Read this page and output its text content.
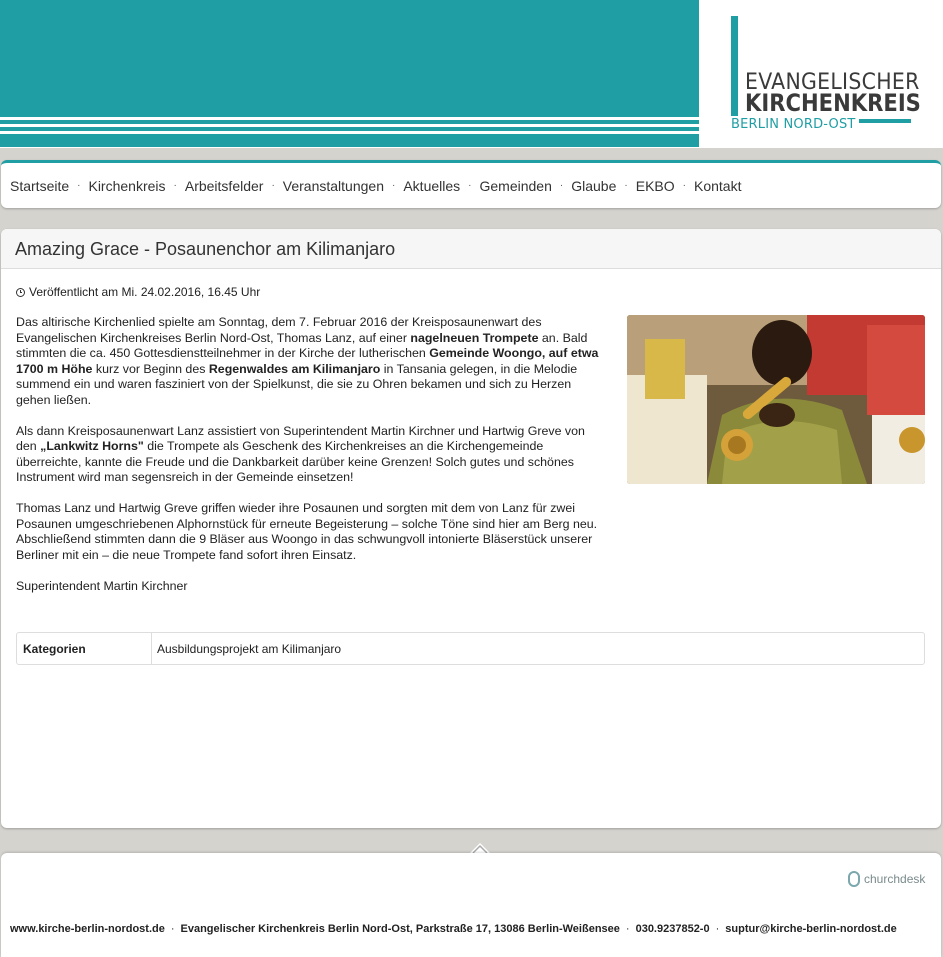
EVANGELISCHER
KIRCHENKREIS
BERLIN NORD-OST
Startseite · Kirchenkreis · Arbeitsfelder · Veranstaltungen · Aktuelles · Gemeinden · Glaube · EKBO · Kontakt
Amazing Grace - Posaunenchor am Kilimanjaro
Veröffentlicht am Mi. 24.02.2016, 16.45 Uhr

Das altirische Kirchenlied spielte am Sonntag, dem 7. Februar 2016 der Kreisposaunenwart des Evangelischen Kirchenkreises Berlin Nord-Ost, Thomas Lanz, auf einer nagelneuen Trompete an. Bald stimmten die ca. 450 Gottesdienstteilnehmer in der Kirche der lutherischen Gemeinde Woongo, auf etwa 1700 m Höhe kurz vor Beginn des Regenwaldes am Kilimanjaro in Tansania gelegen, in die Melodie summend ein und waren fasziniert von der Spielkunst, die sie zu Ohren bekamen und sich zu Herzen gehen ließen.

Als dann Kreisposaunenwart Lanz assistiert von Superintendent Martin Kirchner und Hartwig Greve von den „Lankwitz Horns" die Trompete als Geschenk des Kirchenkreises an die Kirchengemeinde überreichte, kannte die Freude und die Dankbarkeit darüber keine Grenzen! Solch gutes und schönes Instrument wird man segensreich in der Gemeinde einsetzen!

Thomas Lanz und Hartwig Greve griffen wieder ihre Posaunen und sorgten mit dem von Lanz für zwei Posaunen umgeschriebenen Alphornstück für erneute Begeisterung – solche Töne sind hier am Berg neu. Abschließend stimmten dann die 9 Bläser aus Woongo in das schwungvoll intonierte Bläserstück unserer Berliner mit ein – die neue Trompete fand sofort ihren Einsatz.

Superintendent Martin Kirchner

Kategorien	Ausbildungsprojekt am Kilimanjaro
churchdesk
www.kirche-berlin-nordost.de · Evangelischer Kirchenkreis Berlin Nord-Ost, Parkstraße 17, 13086 Berlin-Weißensee · 030.9237852-0 · suptur@kirche-berlin-nordost.de
